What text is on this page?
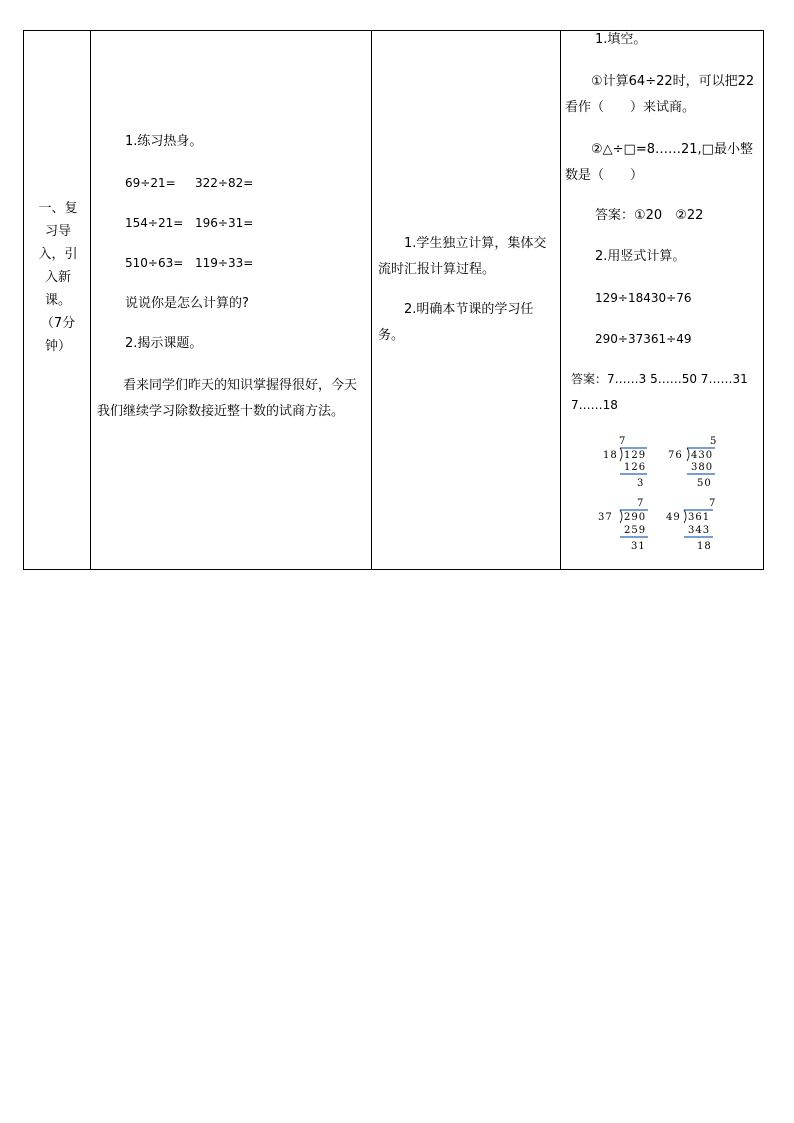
一、复
习导
入，引
入新
课。
（7分
钟）

1.练习热身。
69÷21= 322÷82=
154÷21= 196÷31=
510÷63= 119÷33=
说说你是怎么计算的?
2.揭示课题。
看来同学们昨天的知识掌握得很好，今天我们继续学习除数接近整十数的试商方法。

1.学生独立计算，集体交流时汇报计算过程。
2.明确本节课的学习任务。

1.填空。
①计算64÷22时，可以把22看作（　　）来试商。
②△÷□=8……21,□最小整数是（　　）
答案：①20　②22
2.用竖式计算。
129÷18430÷76
290÷37361÷49
答案：7……3 5……50 7……31 7……18
7
18 129
126
3
5
76 430
380
50
7
37 290
259
31
7
49 361
343
18
